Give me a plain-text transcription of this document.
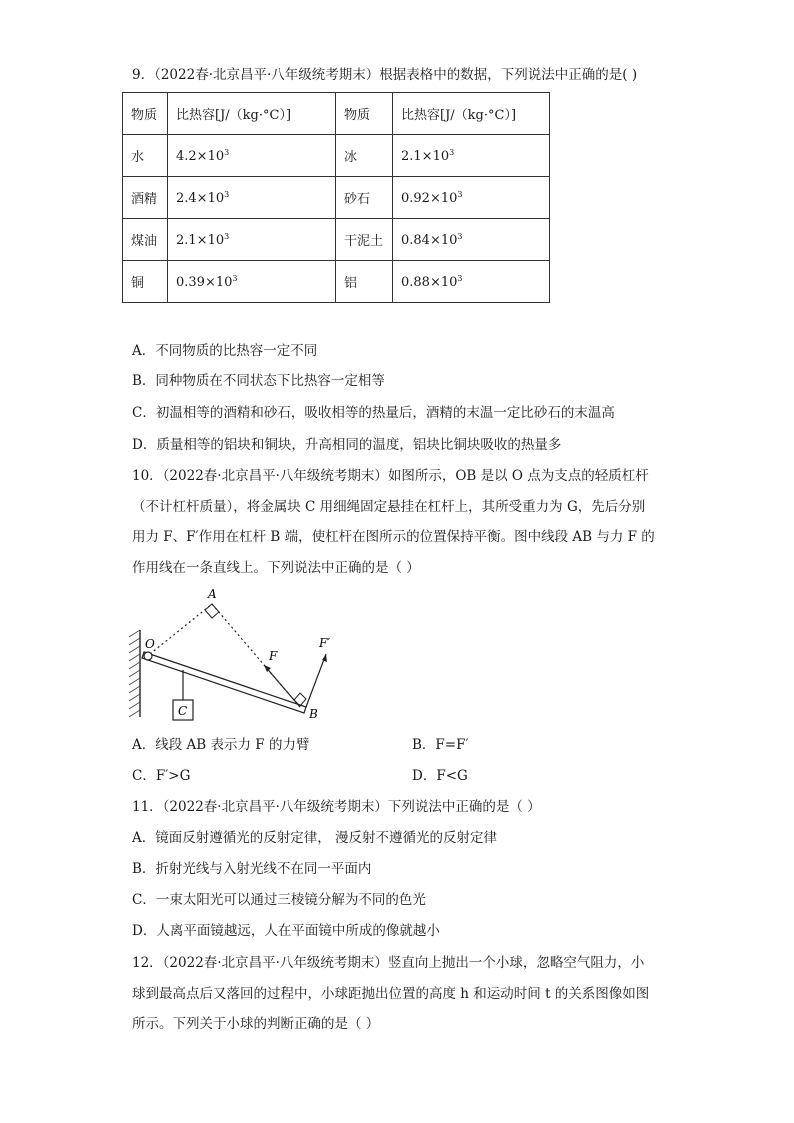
9．（2022春·北京昌平·八年级统考期末）根据表格中的数据，下列说法中正确的是( )
物质	比热容[J/（kg·°C）]	物质	比热容[J/（kg·°C）]
水	$4.2\times 10^3$	冰	$2.1\times 10^3$
酒精	$2.4\times 10^3$	砂石	$0.92\times 10^3$
煤油	$2.1\times 10^3$	干泥土	$0.84\times 10^3$
铜	$0.39\times 10^3$	铝	$0.88\times 10^3$
A．不同物质的比热容一定不同
B．同种物质在不同状态下比热容一定相等
C．初温相等的酒精和砂石，吸收相等的热量后，酒精的末温一定比砂石的末温高
D．质量相等的铝块和铜块，升高相同的温度，铝块比铜块吸收的热量多
10．（2022春·北京昌平·八年级统考期末）如图所示，OB 是以 O 点为支点的轻质杠杆
（不计杠杆质量），将金属块 C 用细绳固定悬挂在杠杆上，其所受重力为 G，先后分别
用力 F、F′作用在杠杆 B 端，使杠杆在图所示的位置保持平衡。图中线段 AB 与力 F 的
作用线在一条直线上。下列说法中正确的是（ ）
A
O
F
F′
B
C
A．线段 AB 表示力 F 的力臂	B．F=F′
C．F′>G	D．F<G
11．（2022春·北京昌平·八年级统考期末）下列说法中正确的是（ ）
A．镜面反射遵循光的反射定律， 漫反射不遵循光的反射定律
B．折射光线与入射光线不在同一平面内
C．一束太阳光可以通过三棱镜分解为不同的色光
D．人离平面镜越远，人在平面镜中所成的像就越小
12．（2022春·北京昌平·八年级统考期末）竖直向上抛出一个小球，忽略空气阻力，小
球到最高点后又落回的过程中，小球距抛出位置的高度 h 和运动时间 t 的关系图像如图
所示。下列关于小球的判断正确的是（ ）
